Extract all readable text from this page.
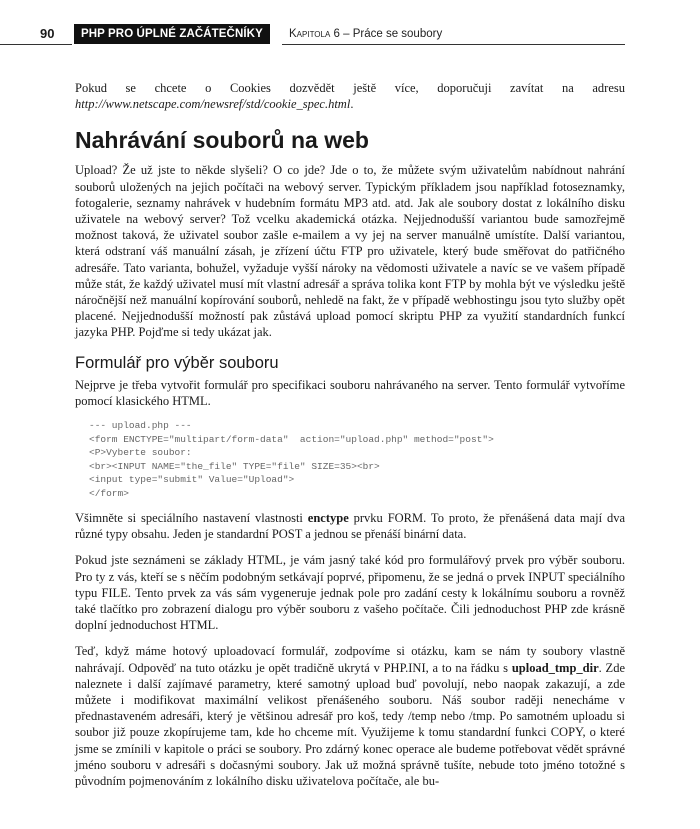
90	PHP PRO ÚPLNÉ ZAČÁTEČNÍKY	Kapitola 6 – Práce se soubory

Pokud se chcete o Cookies dozvědět ještě více, doporučuji zavítat na adresu http://www.netscape.com/newsref/std/cookie_spec.html.

Nahrávání souborů na web

Upload? Že už jste to někde slyšeli? O co jde? Jde o to, že můžete svým uživatelům nabídnout nahrání souborů uložených na jejich počítači na webový server. Typickým příkladem jsou například fotoseznamky, fotogalerie, seznamy nahrávek v hudebním formátu MP3 atd. atd. Jak ale soubory dostat z lokálního disku uživatele na webový server? Tož vcelku akademická otázka. Nejjednodušší variantou bude samozřejmě možnost taková, že uživatel soubor zašle e-mailem a vy jej na server manuálně umístíte. Další variantou, která odstraní váš manuální zásah, je zřízení účtu FTP pro uživatele, který bude směřovat do patřičného adresáře. Tato varianta, bohužel, vyžaduje vyšší nároky na vědomosti uživatele a navíc se ve vašem případě může stát, že každý uživatel musí mít vlastní adresář a správa tolika kont FTP by mohla být ve výsledku ještě náročnější než manuální kopírování souborů, nehledě na fakt, že v případě webhostingu jsou tyto služby opět placené. Nejjednodušší možností pak zůstává upload pomocí skriptu PHP za využití standardních funkcí jazyka PHP. Pojďme si tedy ukázat jak.

Formulář pro výběr souboru

Nejprve je třeba vytvořit formulář pro specifikaci souboru nahrávaného na server. Tento formulář vytvoříme pomocí klasického HTML.

--- upload.php ---
<form ENCTYPE="multipart/form-data"  action="upload.php" method="post">
<P>Vyberte soubor:
<br><INPUT NAME="the_file" TYPE="file" SIZE=35><br>
<input type="submit" Value="Upload">
</form>

Všimněte si speciálního nastavení vlastnosti enctype prvku FORM. To proto, že přenášená data mají dva různé typy obsahu. Jeden je standardní POST a jednou se přenáší binární data.

Pokud jste seznámeni se základy HTML, je vám jasný také kód pro formulářový prvek pro výběr souboru. Pro ty z vás, kteří se s něčím podobným setkávají poprvé, připomenu, že se jedná o prvek INPUT speciálního typu FILE. Tento prvek za vás sám vygeneruje jednak pole pro zadání cesty k lokálnímu souboru a rovněž také tlačítko pro zobrazení dialogu pro výběr souboru z vašeho počítače. Čili jednoduchost PHP zde krásně doplní jednoduchost HTML.

Teď, když máme hotový uploadovací formulář, zodpovíme si otázku, kam se nám ty soubory vlastně nahrávají. Odpověď na tuto otázku je opět tradičně ukrytá v PHP.INI, a to na řádku s upload_tmp_dir. Zde naleznete i další zajímavé parametry, které samotný upload buď povolují, nebo naopak zakazují, a zde můžete i modifikovat maximální velikost přenášeného souboru. Náš soubor raději nenecháme v přednastaveném adresáři, který je většinou adresář pro koš, tedy /temp nebo /tmp. Po samotném uploadu si soubor již pouze zkopírujeme tam, kde ho chceme mít. Využijeme k tomu standardní funkci COPY, o které jsme se zmínili v kapitole o práci se soubory. Pro zdárný konec operace ale budeme potřebovat vědět správné jméno souboru v adresáři s dočasnými soubory. Jak už možná správně tušíte, nebude toto jméno totožné s původním pojmenováním z lokálního disku uživatelova počítače, ale bu-
